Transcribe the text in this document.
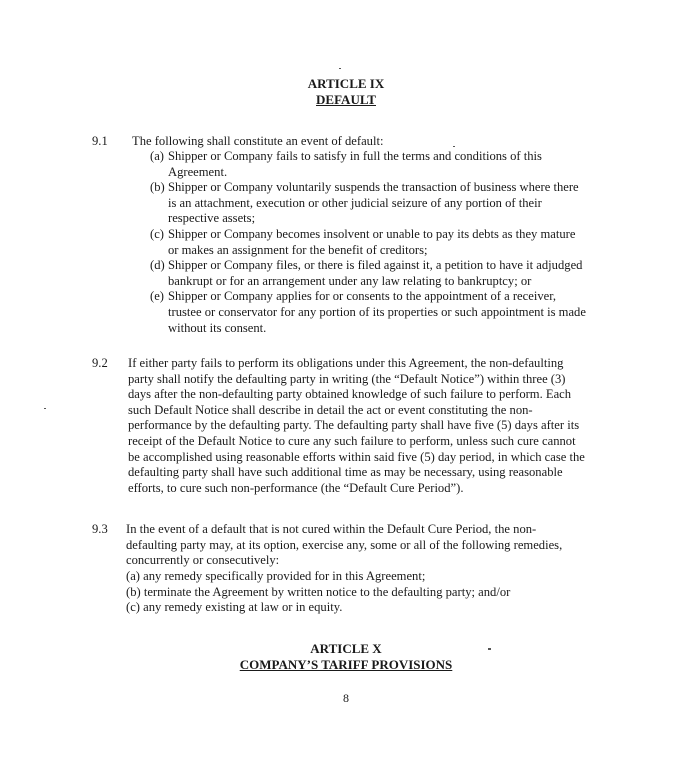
ARTICLE IX
DEFAULT
9.1 The following shall constitute an event of default:
(a) Shipper or Company fails to satisfy in full the terms and conditions of this Agreement.
(b) Shipper or Company voluntarily suspends the transaction of business where there is an attachment, execution or other judicial seizure of any portion of their respective assets;
(c) Shipper or Company becomes insolvent or unable to pay its debts as they mature or makes an assignment for the benefit of creditors;
(d) Shipper or Company files, or there is filed against it, a petition to have it adjudged bankrupt or for an arrangement under any law relating to bankruptcy; or
(e) Shipper or Company applies for or consents to the appointment of a receiver, trustee or conservator for any portion of its properties or such appointment is made without its consent.
9.2 If either party fails to perform its obligations under this Agreement, the non-defaulting party shall notify the defaulting party in writing (the “Default Notice”) within three (3) days after the non-defaulting party obtained knowledge of such failure to perform. Each such Default Notice shall describe in detail the act or event constituting the non-performance by the defaulting party. The defaulting party shall have five (5) days after its receipt of the Default Notice to cure any such failure to perform, unless such cure cannot be accomplished using reasonable efforts within said five (5) day period, in which case the defaulting party shall have such additional time as may be necessary, using reasonable efforts, to cure such non-performance (the “Default Cure Period”).
9.3 In the event of a default that is not cured within the Default Cure Period, the non-defaulting party may, at its option, exercise any, some or all of the following remedies, concurrently or consecutively:
(a) any remedy specifically provided for in this Agreement;
(b) terminate the Agreement by written notice to the defaulting party; and/or
(c) any remedy existing at law or in equity.
ARTICLE X
COMPANY’S TARIFF PROVISIONS
8
